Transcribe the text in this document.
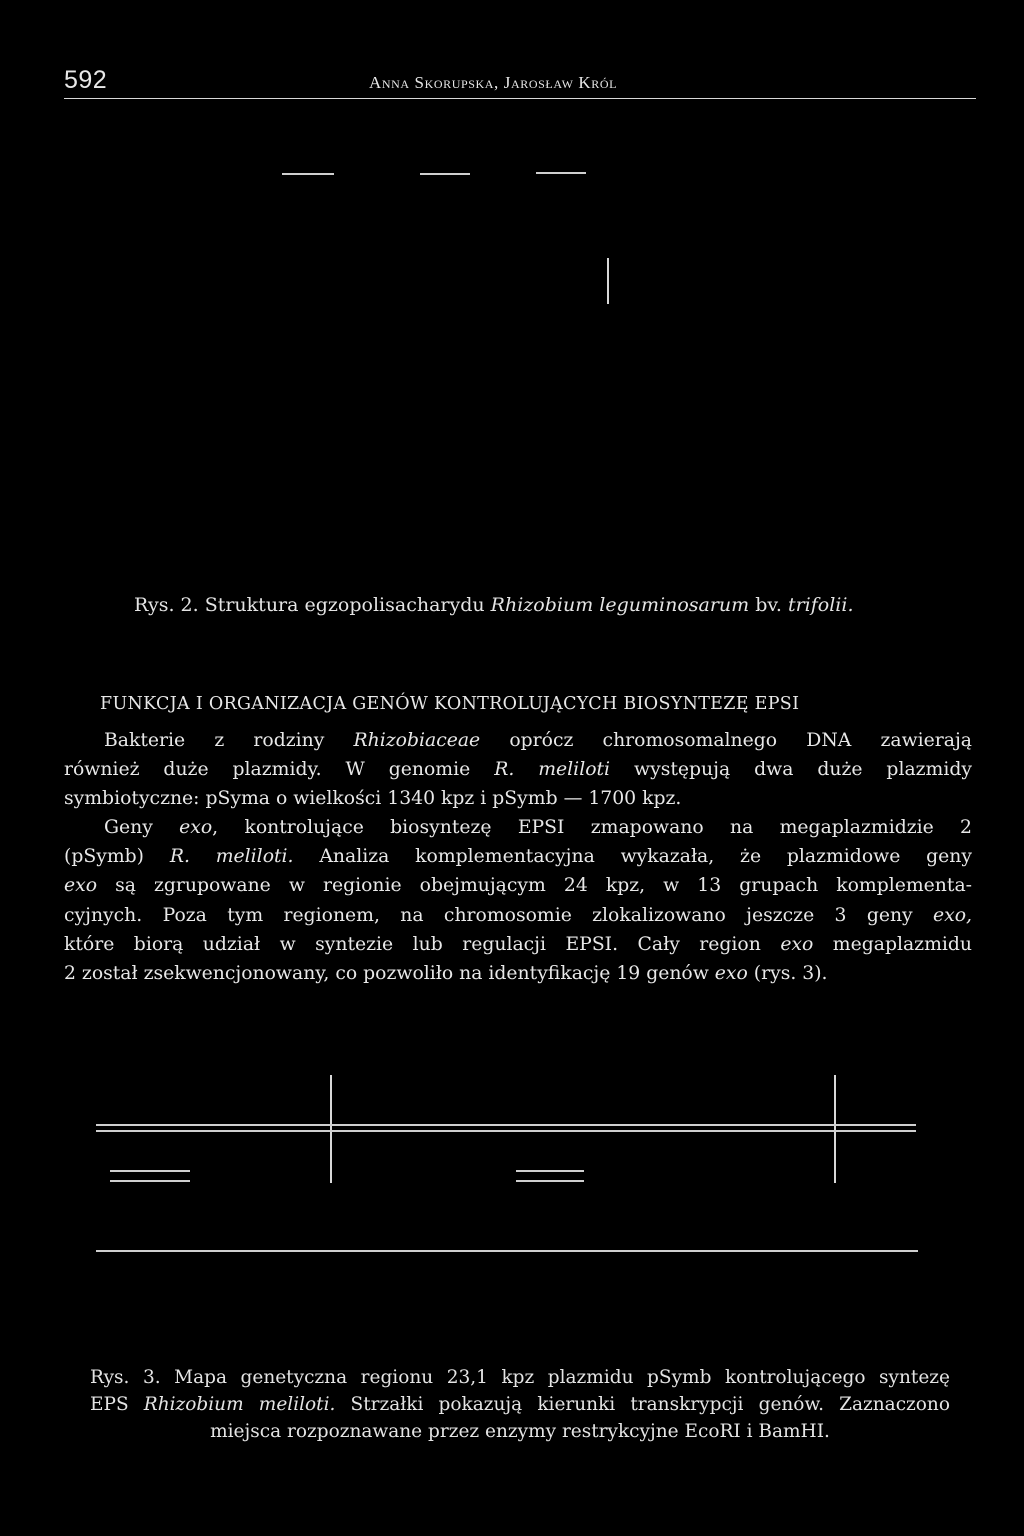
592	Anna Skorupska, Jarosław Król
Rys. 2. Struktura egzopolisacharydu Rhizobium leguminosarum bv. trifolii.
FUNKCJA I ORGANIZACJA GENÓW KONTROLUJĄCYCH BIOSYNTEZĘ EPSI
Bakterie z rodziny Rhizobiaceae oprócz chromosomalnego DNA zawierają
również duże plazmidy. W genomie R. meliloti występują dwa duże plazmidy
symbiotyczne: pSyma o wielkości 1340 kpz i pSymb — 1700 kpz.
Geny exo, kontrolujące biosyntezę EPSI zmapowano na megaplazmidzie 2
(pSymb) R. meliloti. Analiza komplementacyjna wykazała, że plazmidowe geny
exo są zgrupowane w regionie obejmującym 24 kpz, w 13 grupach komplementa-
cyjnych. Poza tym regionem, na chromosomie zlokalizowano jeszcze 3 geny exo,
które biorą udział w syntezie lub regulacji EPSI. Cały region exo megaplazmidu
2 został zsekwencjonowany, co pozwoliło na identyfikację 19 genów exo (rys. 3).
Rys. 3. Mapa genetyczna regionu 23,1 kpz plazmidu pSymb kontrolującego syntezę
EPS Rhizobium meliloti. Strzałki pokazują kierunki transkrypcji genów. Zaznaczono
miejsca rozpoznawane przez enzymy restrykcyjne EcoRI i BamHI.
